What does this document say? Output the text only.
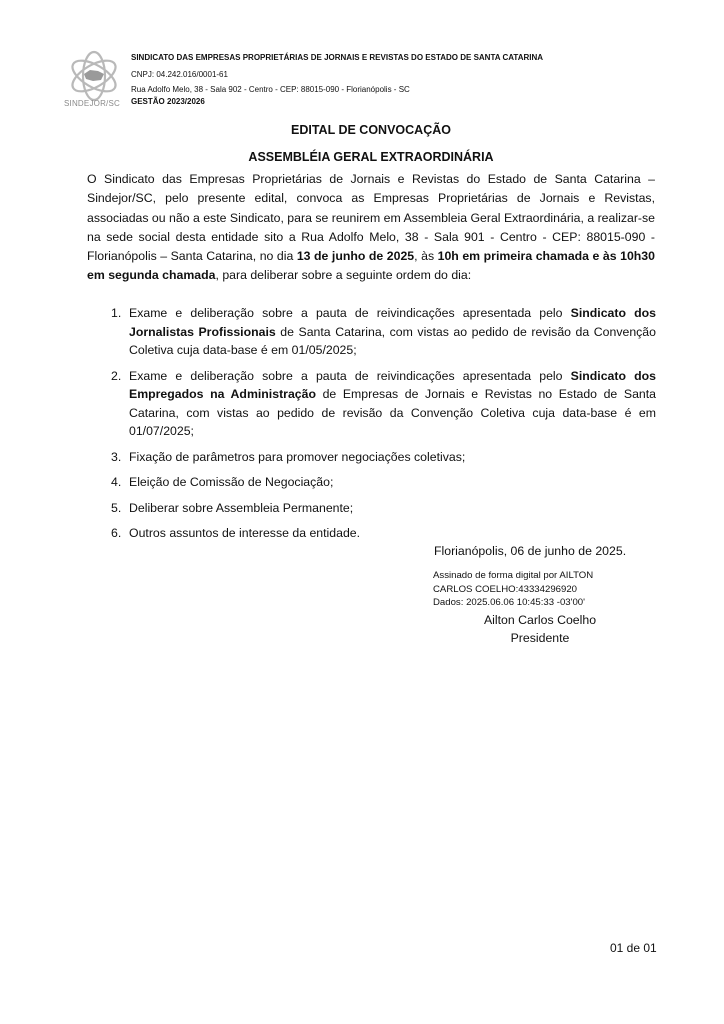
SINDEJOR/SC
SINDICATO DAS EMPRESAS PROPRIETÁRIAS DE JORNAIS E REVISTAS DO ESTADO DE SANTA CATARINA
CNPJ: 04.242.016/0001-61
Rua Adolfo Melo, 38 - Sala 902 - Centro - CEP: 88015-090 - Florianópolis - SC
GESTÃO 2023/2026
EDITAL DE CONVOCAÇÃO
ASSEMBLÉIA GERAL EXTRAORDINÁRIA
O Sindicato das Empresas Proprietárias de Jornais e Revistas do Estado de Santa Catarina – Sindejor/SC, pelo presente edital, convoca as Empresas Proprietárias de Jornais e Revistas, associadas ou não a este Sindicato, para se reunirem em Assembleia Geral Extraordinária, a realizar-se na sede social desta entidade sito a Rua Adolfo Melo, 38 - Sala 901 - Centro - CEP: 88015-090 - Florianópolis – Santa Catarina, no dia 13 de junho de 2025, às 10h em primeira chamada e às 10h30 em segunda chamada, para deliberar sobre a seguinte ordem do dia:
1. Exame e deliberação sobre a pauta de reivindicações apresentada pelo Sindicato dos Jornalistas Profissionais de Santa Catarina, com vistas ao pedido de revisão da Convenção Coletiva cuja data-base é em 01/05/2025;
2. Exame e deliberação sobre a pauta de reivindicações apresentada pelo Sindicato dos Empregados na Administração de Empresas de Jornais e Revistas no Estado de Santa Catarina, com vistas ao pedido de revisão da Convenção Coletiva cuja data-base é em 01/07/2025;
3. Fixação de parâmetros para promover negociações coletivas;
4. Eleição de Comissão de Negociação;
5. Deliberar sobre Assembleia Permanente;
6. Outros assuntos de interesse da entidade.
Florianópolis, 06 de junho de 2025.
Assinado de forma digital por AILTON
CARLOS COELHO:43334296920
Dados: 2025.06.06 10:45:33 -03'00'
Ailton Carlos Coelho
Presidente
01 de 01
